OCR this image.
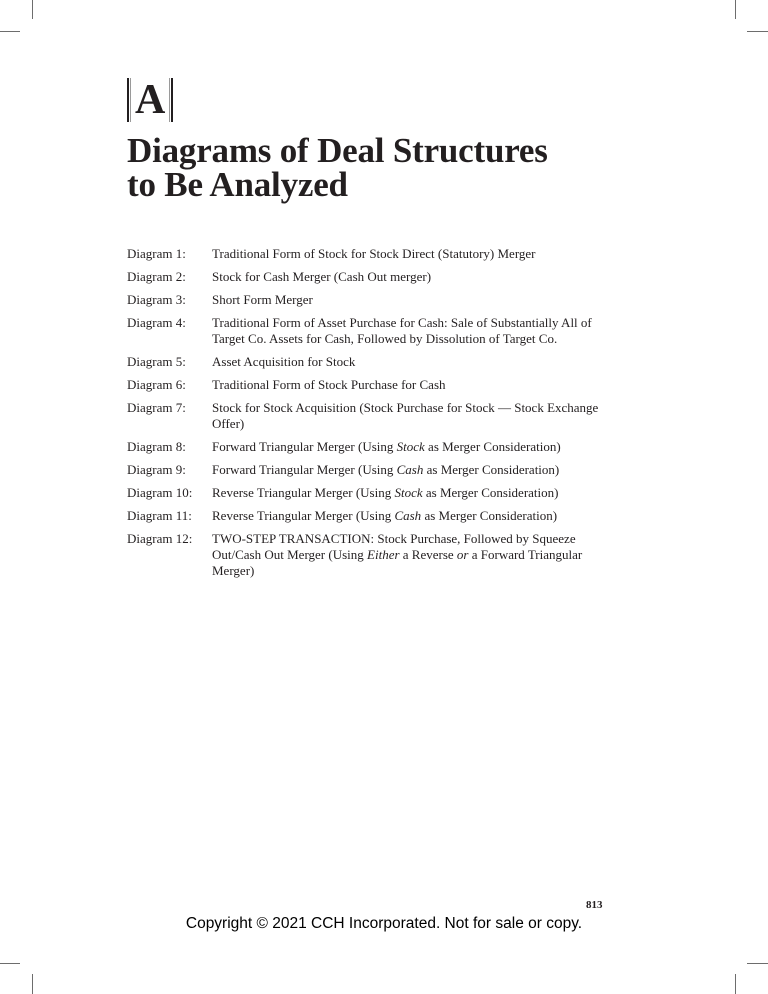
A
Diagrams of Deal Structures
to Be Analyzed
Diagram 1:	Traditional Form of Stock for Stock Direct (Statutory) Merger
Diagram 2:	Stock for Cash Merger (Cash Out merger)
Diagram 3:	Short Form Merger
Diagram 4:	Traditional Form of Asset Purchase for Cash: Sale of Substantially All of Target Co. Assets for Cash, Followed by Dissolution of Target Co.
Diagram 5:	Asset Acquisition for Stock
Diagram 6:	Traditional Form of Stock Purchase for Cash
Diagram 7:	Stock for Stock Acquisition (Stock Purchase for Stock — Stock Exchange Offer)
Diagram 8:	Forward Triangular Merger (Using Stock as Merger Consideration)
Diagram 9:	Forward Triangular Merger (Using Cash as Merger Consideration)
Diagram 10:	Reverse Triangular Merger (Using Stock as Merger Consideration)
Diagram 11:	Reverse Triangular Merger (Using Cash as Merger Consideration)
Diagram 12:	TWO-STEP TRANSACTION: Stock Purchase, Followed by Squeeze Out/Cash Out Merger (Using Either a Reverse or a Forward Triangular Merger)
813
Copyright © 2021 CCH Incorporated. Not for sale or copy.
